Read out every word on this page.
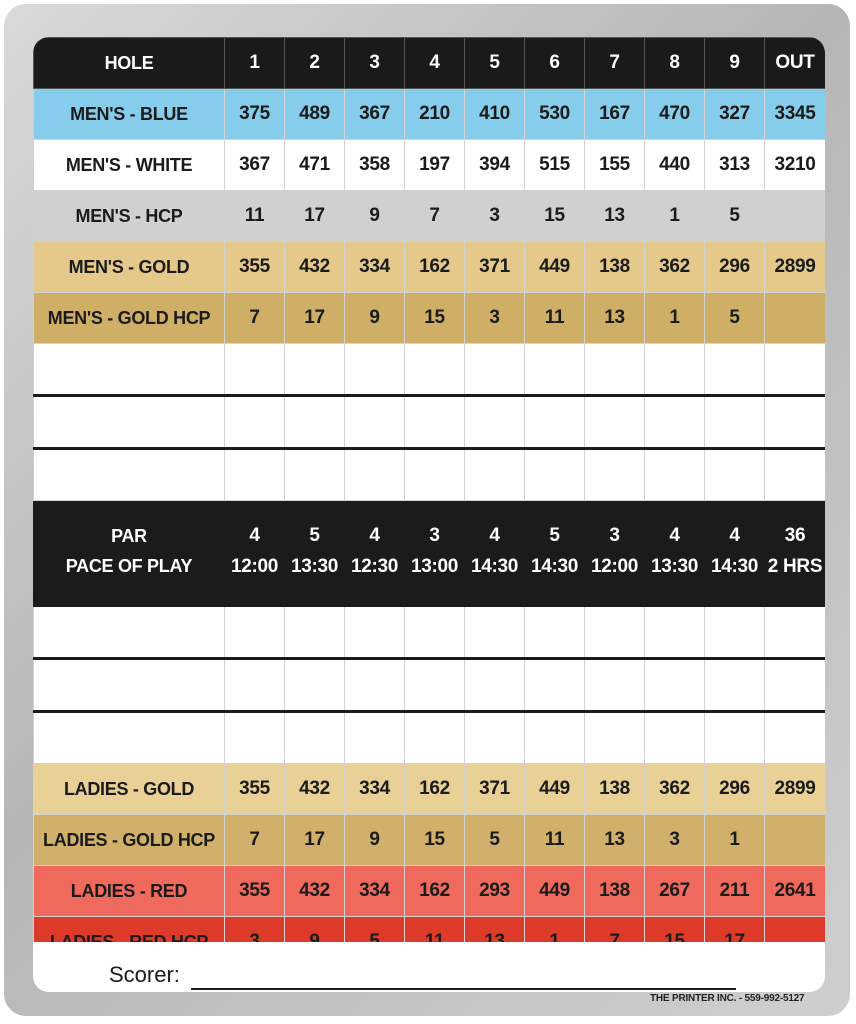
HOLE	1	2	3	4	5	6	7	8	9	OUT
MEN'S - BLUE	375	489	367	210	410	530	167	470	327	3345
MEN'S - WHITE	367	471	358	197	394	515	155	440	313	3210
MEN'S - HCP	11	17	9	7	3	15	13	1	5	
MEN'S - GOLD	355	432	334	162	371	449	138	362	296	2899
MEN'S - GOLD HCP	7	17	9	15	3	11	13	1	5	

PAR	4	5	4	3	4	5	3	4	4	36
PACE OF PLAY	12:00	13:30	12:30	13:00	14:30	14:30	12:00	13:30	14:30	2 HRS

LADIES - GOLD	355	432	334	162	371	449	138	362	296	2899
LADIES - GOLD HCP	7	17	9	15	5	11	13	3	1	
LADIES - RED	355	432	334	162	293	449	138	267	211	2641

Scorer:
THE PRINTER INC. - 559-992-5127
